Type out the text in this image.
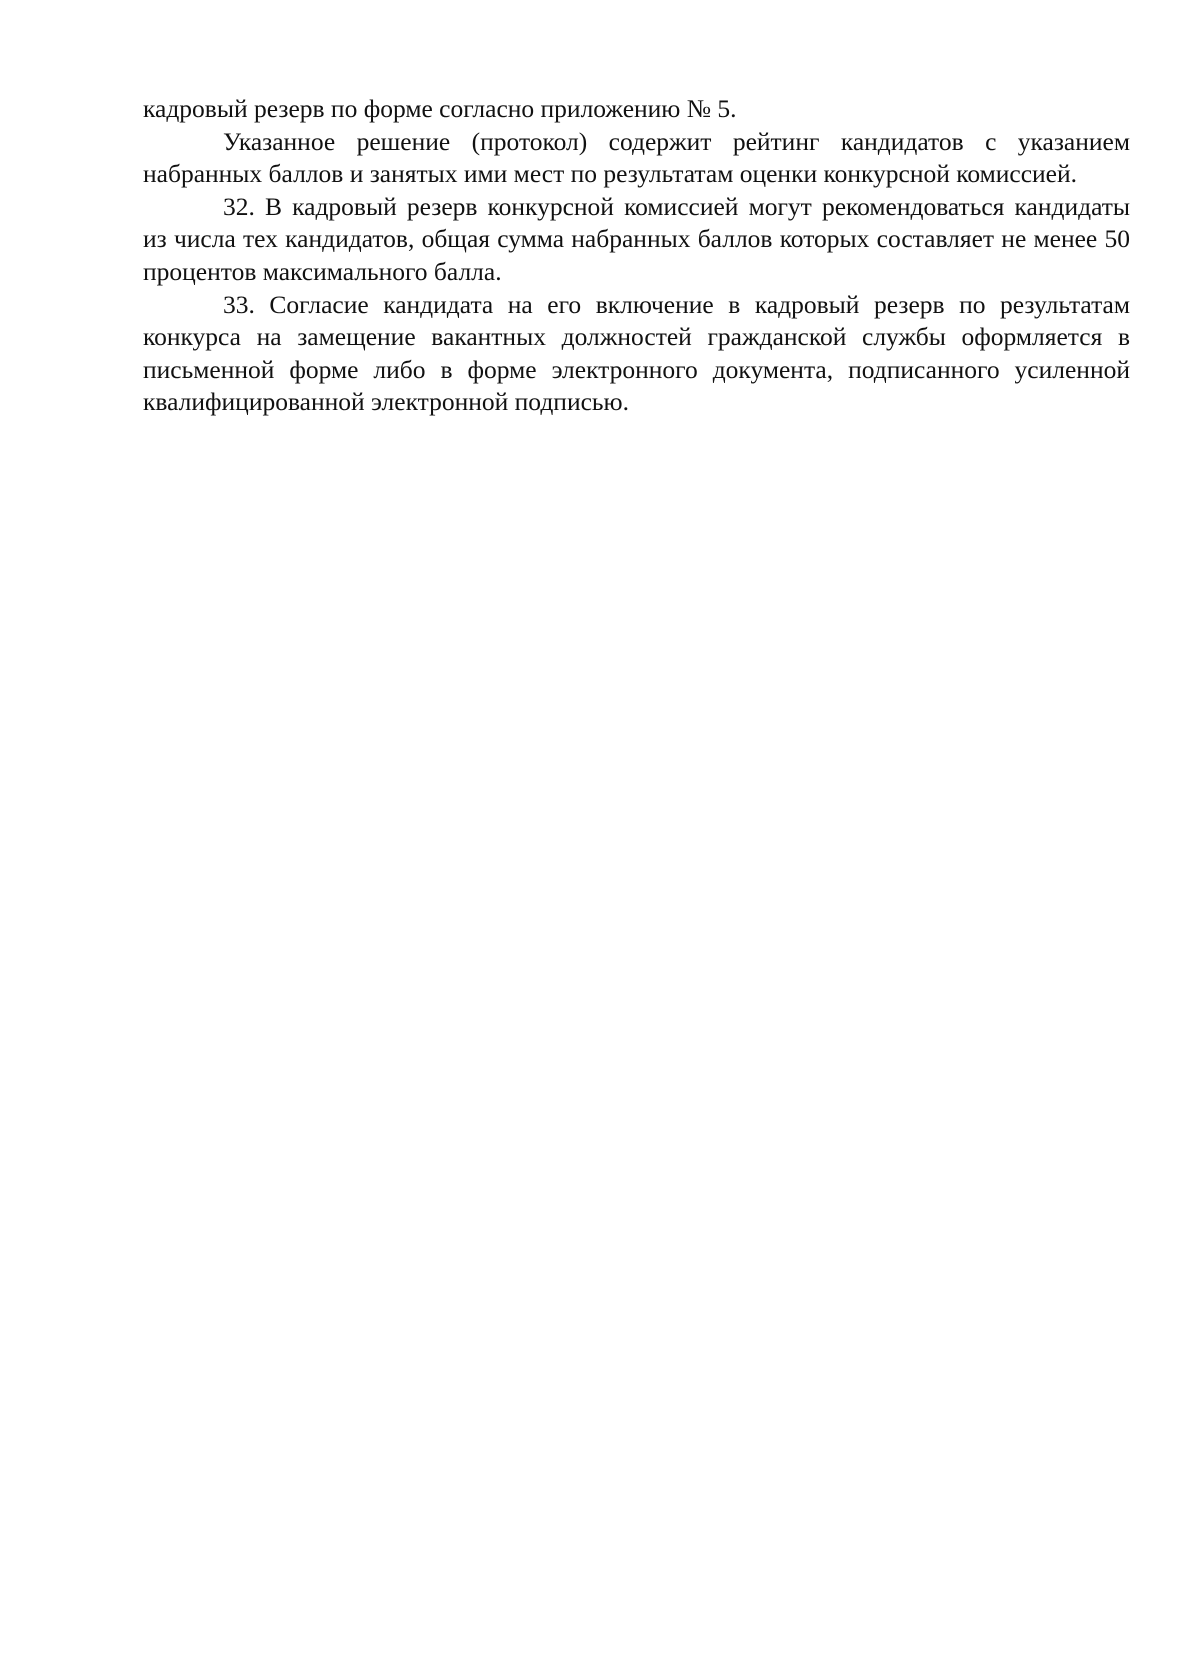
кадровый резерв по форме согласно приложению № 5.

Указанное решение (протокол) содержит рейтинг кандидатов с указанием набранных баллов и занятых ими мест по результатам оценки конкурсной комиссией.

32. В кадровый резерв конкурсной комиссией могут рекомендоваться кандидаты из числа тех кандидатов, общая сумма набранных баллов которых составляет не менее 50 процентов максимального балла.

33. Согласие кандидата на его включение в кадровый резерв по результатам конкурса на замещение вакантных должностей гражданской службы оформляется в письменной форме либо в форме электронного документа, подписанного усиленной квалифицированной электронной подписью.
